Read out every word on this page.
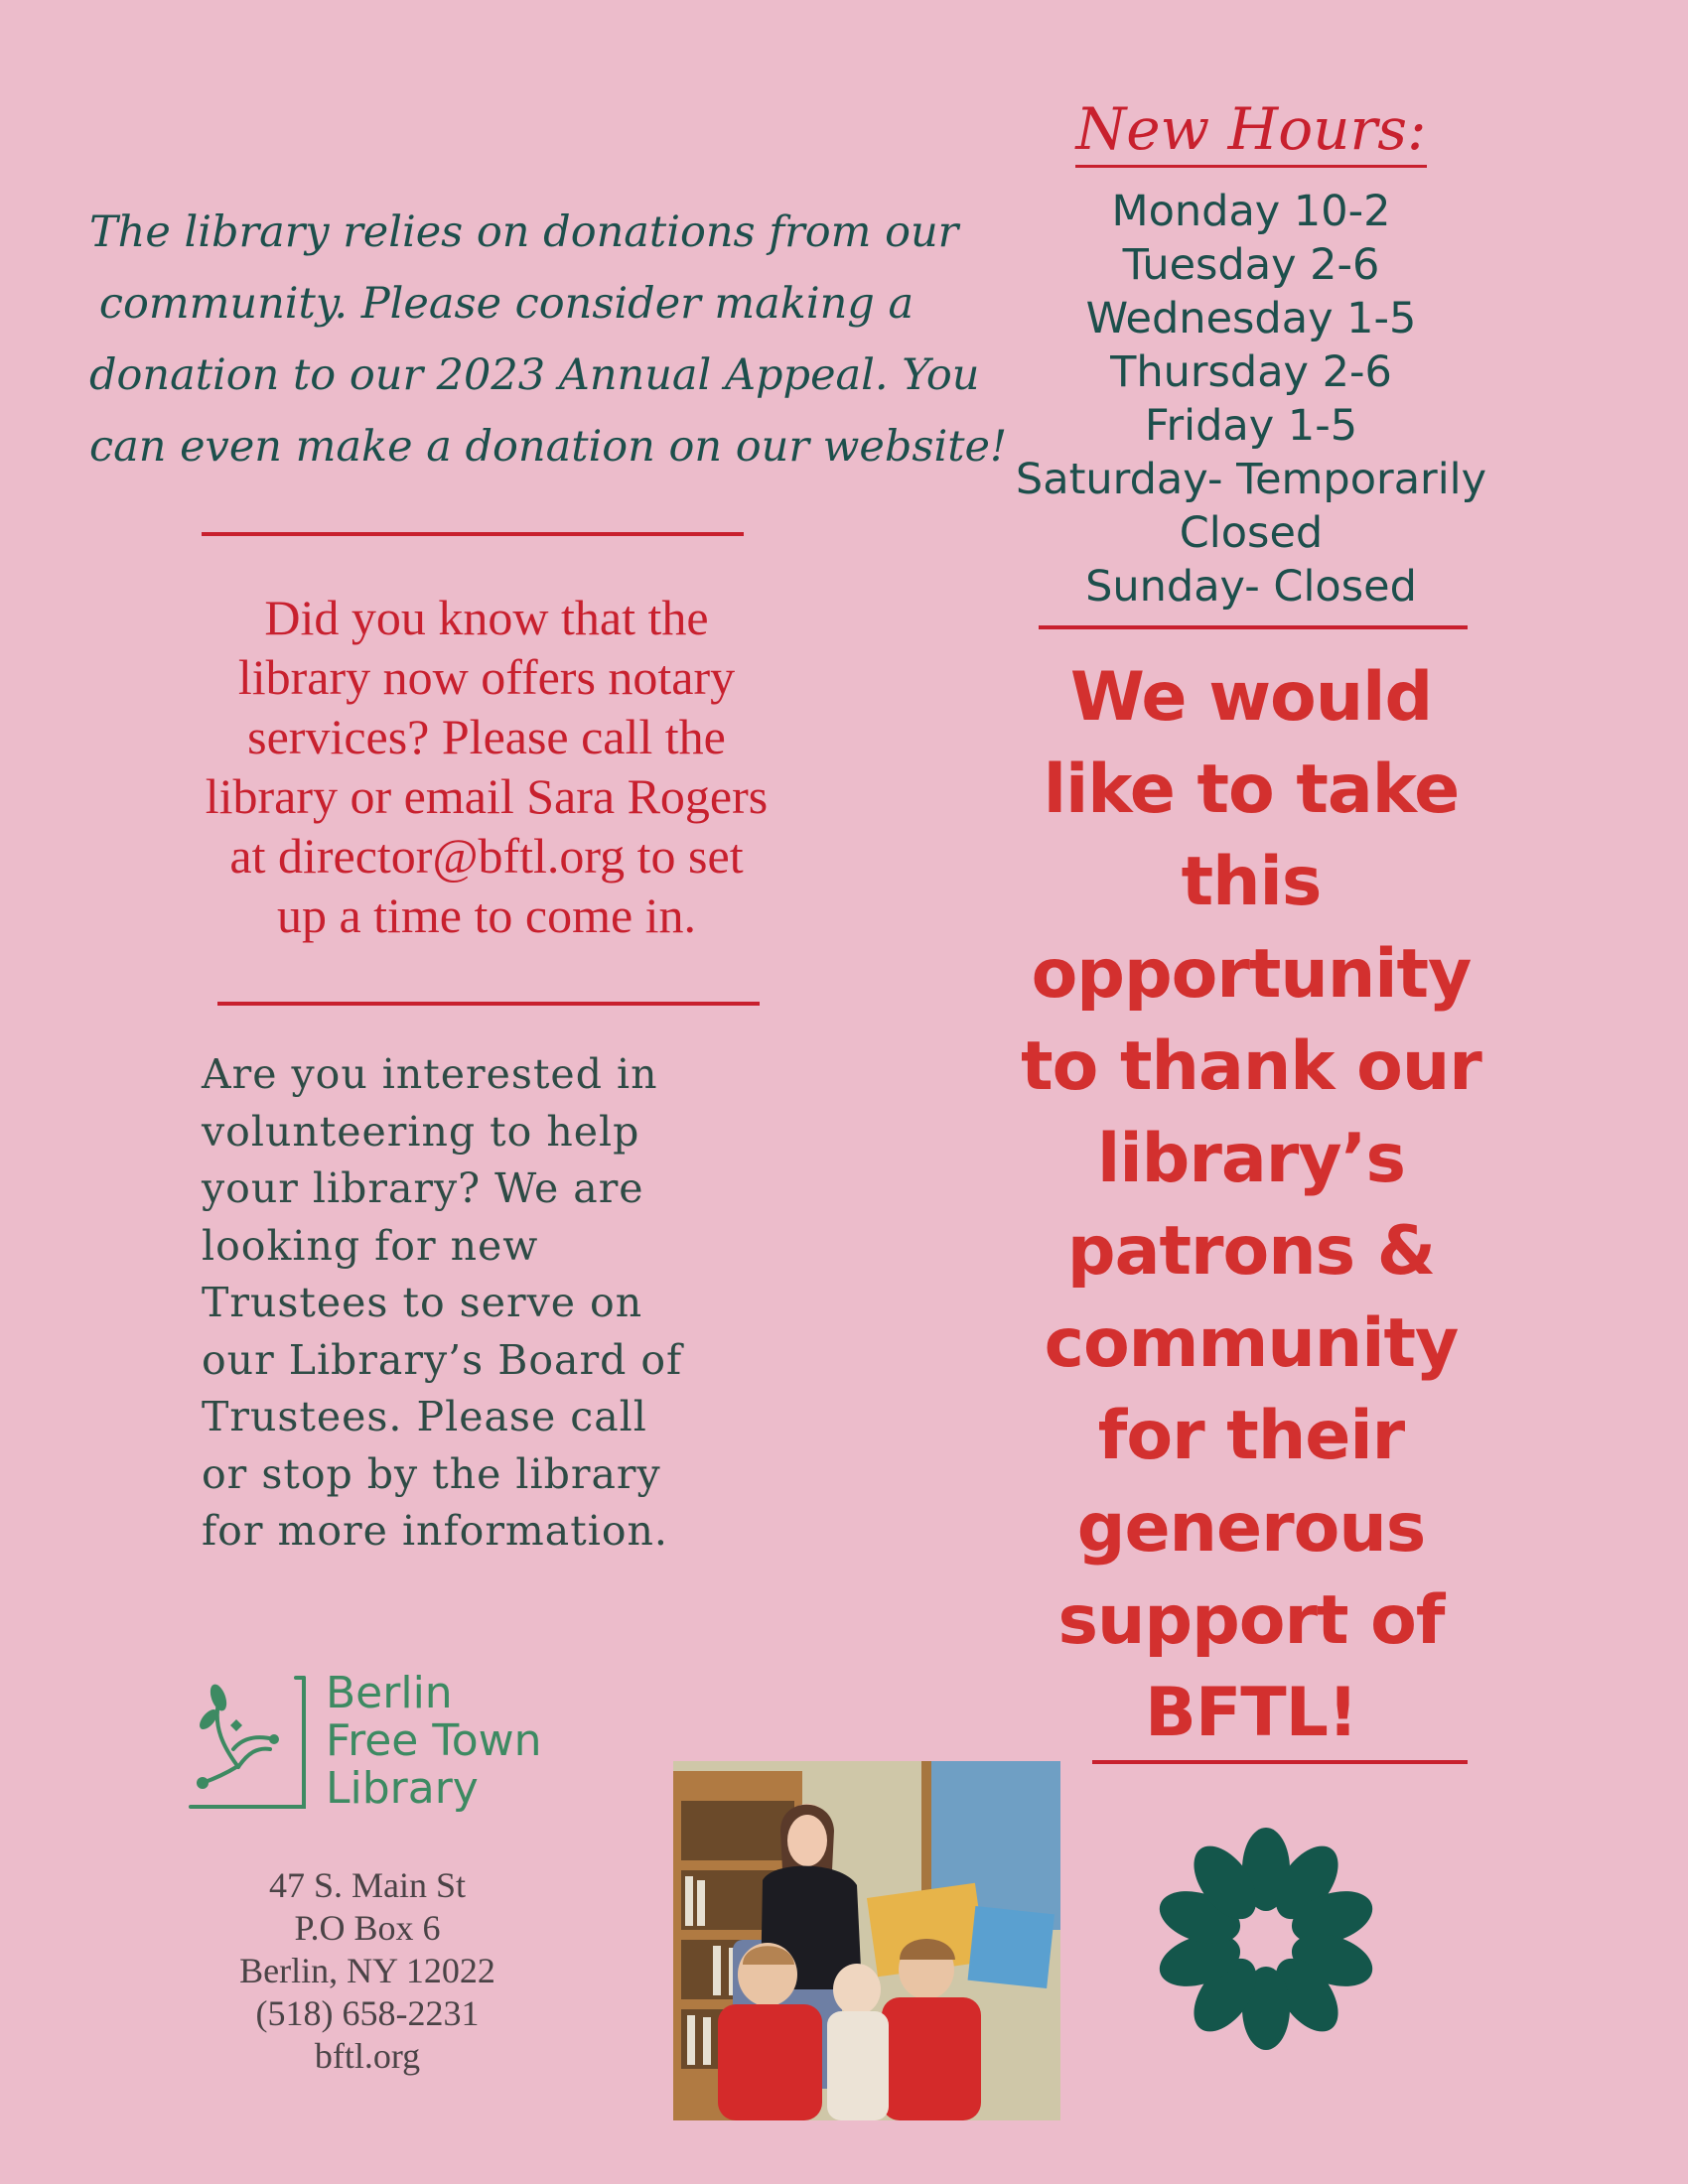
The library relies on donations from our
community. Please consider making a
donation to our 2023 Annual Appeal. You
can even make a donation on our website!
Did you know that the
library now offers notary
services? Please call the
library or email Sara Rogers
at director@bftl.org to set
up a time to come in.
Are you interested in
volunteering to help
your library? We are
looking for new
Trustees to serve on
our Library’s Board of
Trustees. Please call
or stop by the library
for more information.
Berlin
Free Town
Library
47 S. Main St
P.O Box 6
Berlin, NY 12022
(518) 658-2231
bftl.org
New Hours:
Monday 10-2
Tuesday 2-6
Wednesday 1-5
Thursday 2-6
Friday 1-5
Saturday- Temporarily
Closed
Sunday- Closed
We would
like to take
this
opportunity
to thank our
library’s
patrons &
community
for their
generous
support of
BFTL!
